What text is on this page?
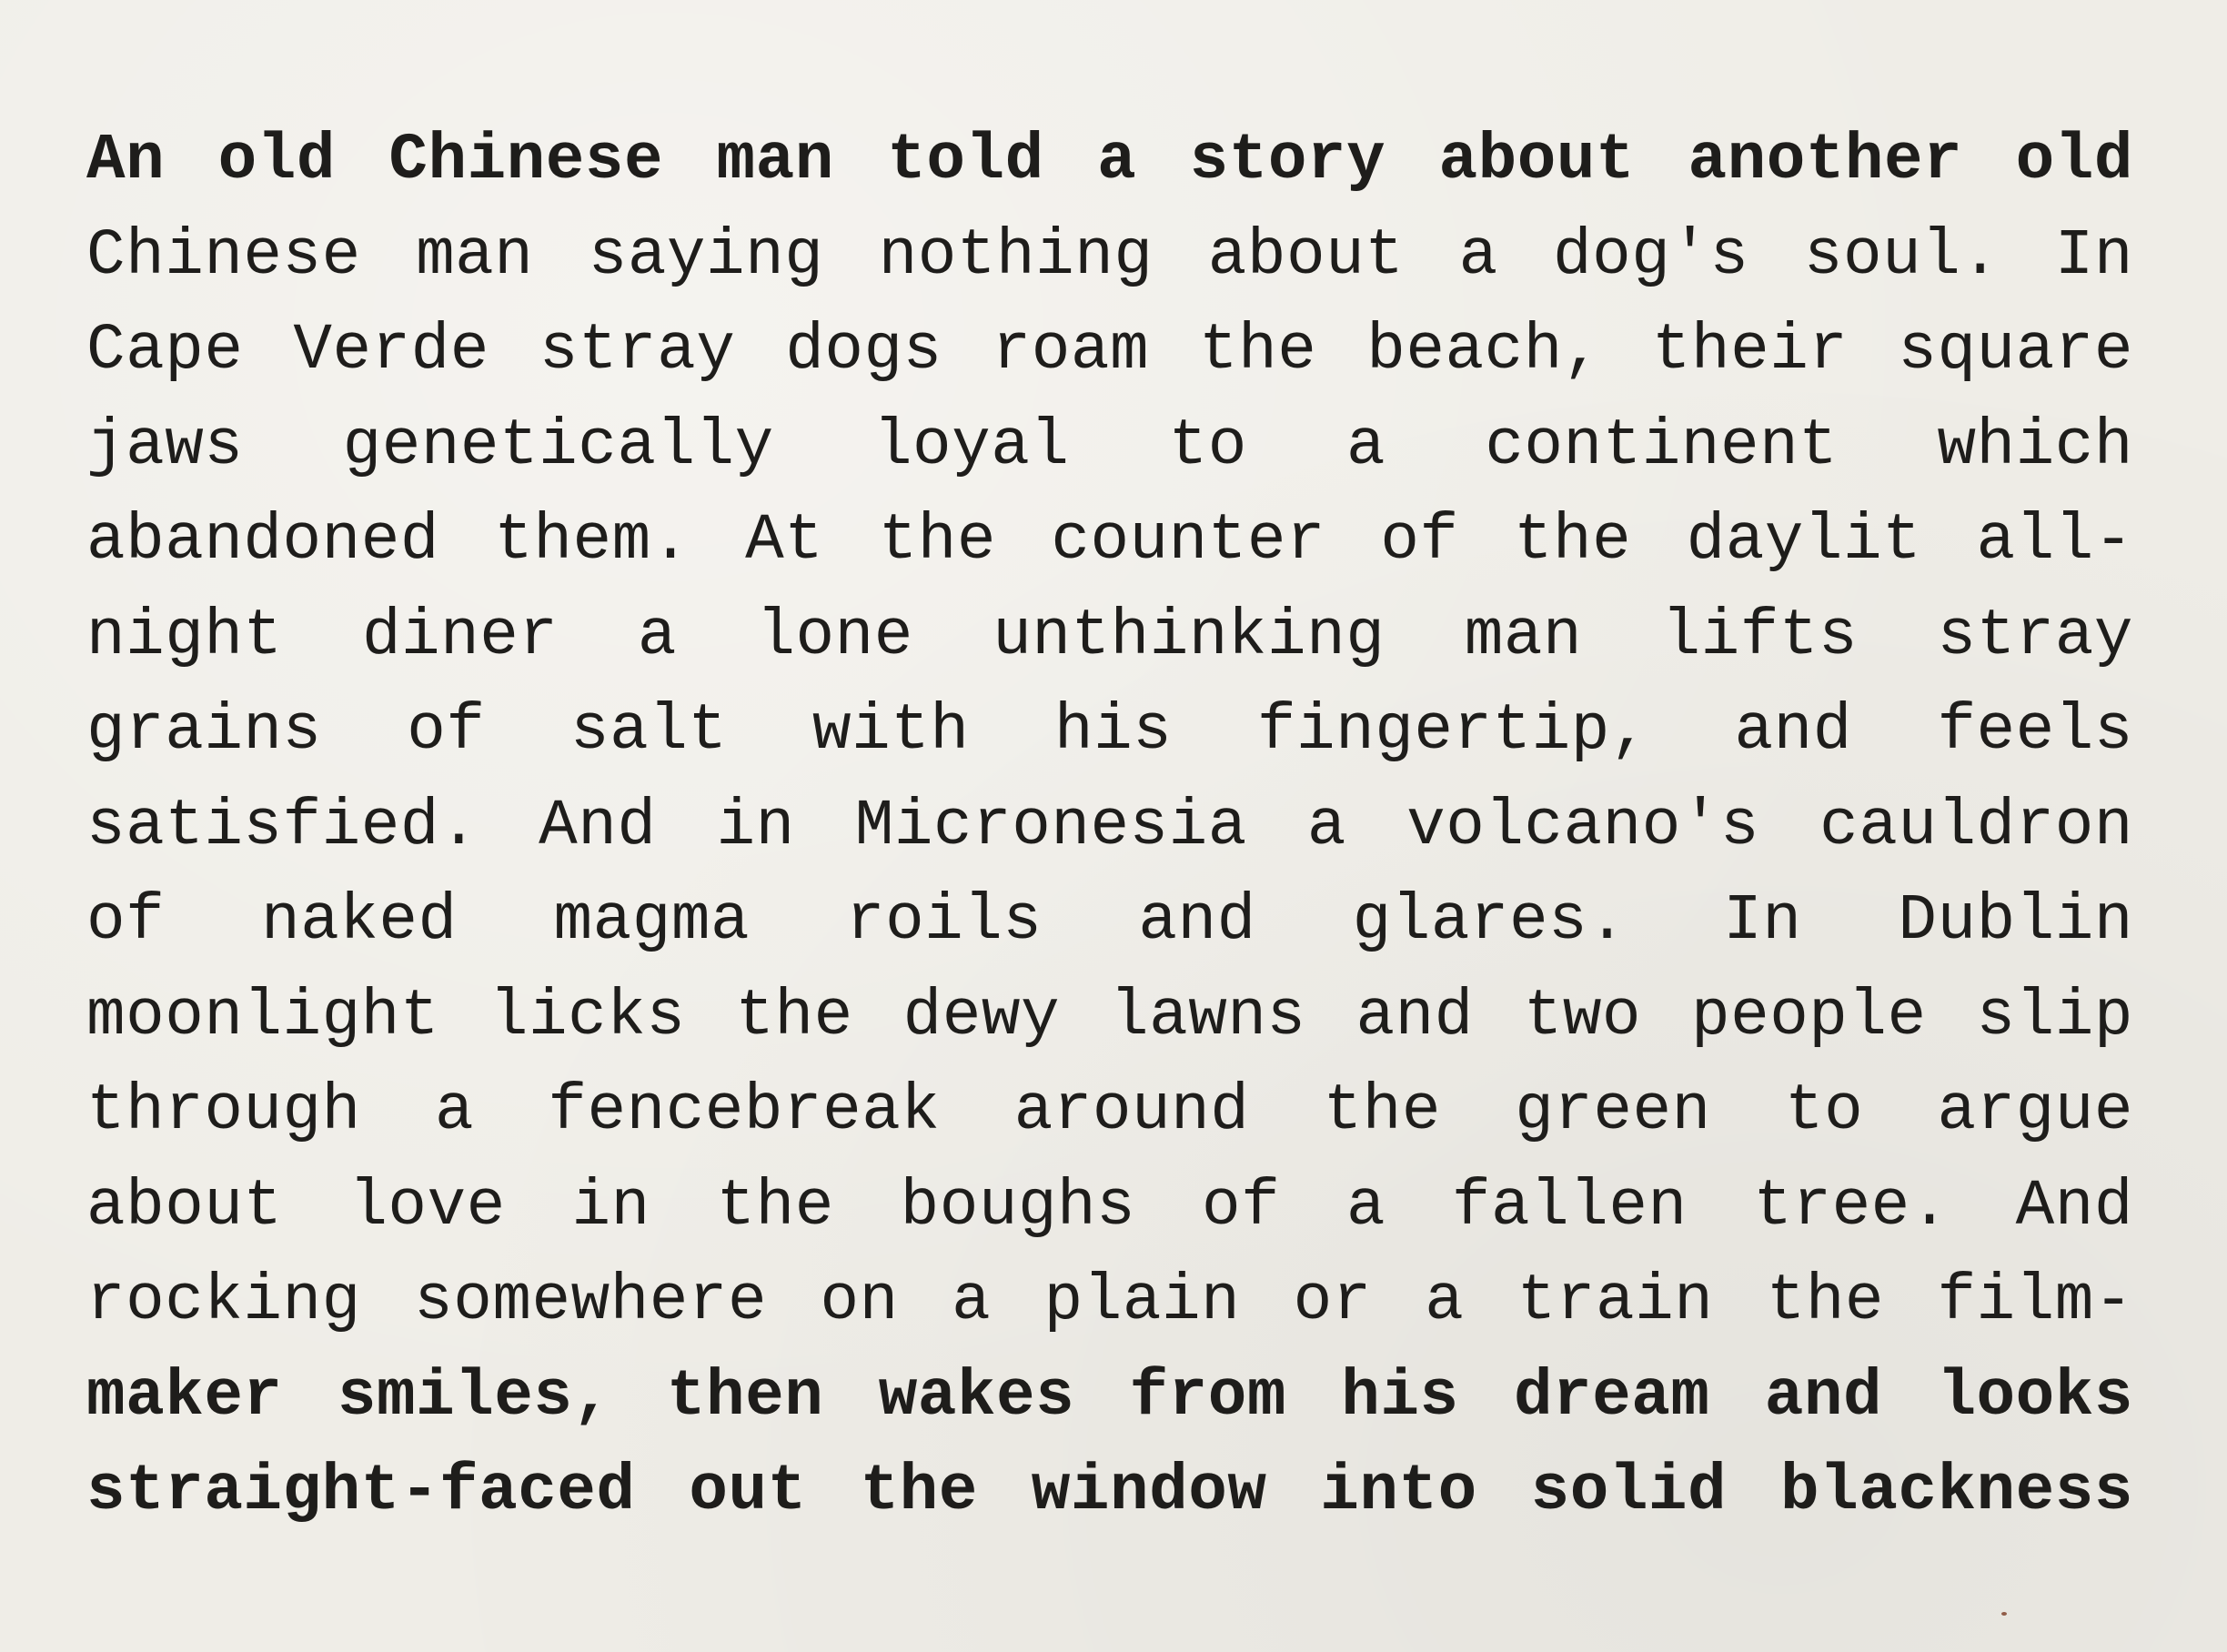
An old Chinese man told a story about another old
Chinese man saying nothing about a dog's soul. In
Cape Verde stray dogs roam the beach, their square
jaws genetically loyal to a continent which
abandoned them. At the counter of the daylit all-
night diner a lone unthinking man lifts stray
grains of salt with his fingertip, and feels
satisfied. And in Micronesia a volcano's cauldron
of naked magma roils and glares. In Dublin
moonlight licks the dewy lawns and two people slip
through a fencebreak around the green to argue
about love in the boughs of a fallen tree. And
rocking somewhere on a plain or a train the film-
maker smiles, then wakes from his dream and looks
straight-faced out the window into solid blackness
